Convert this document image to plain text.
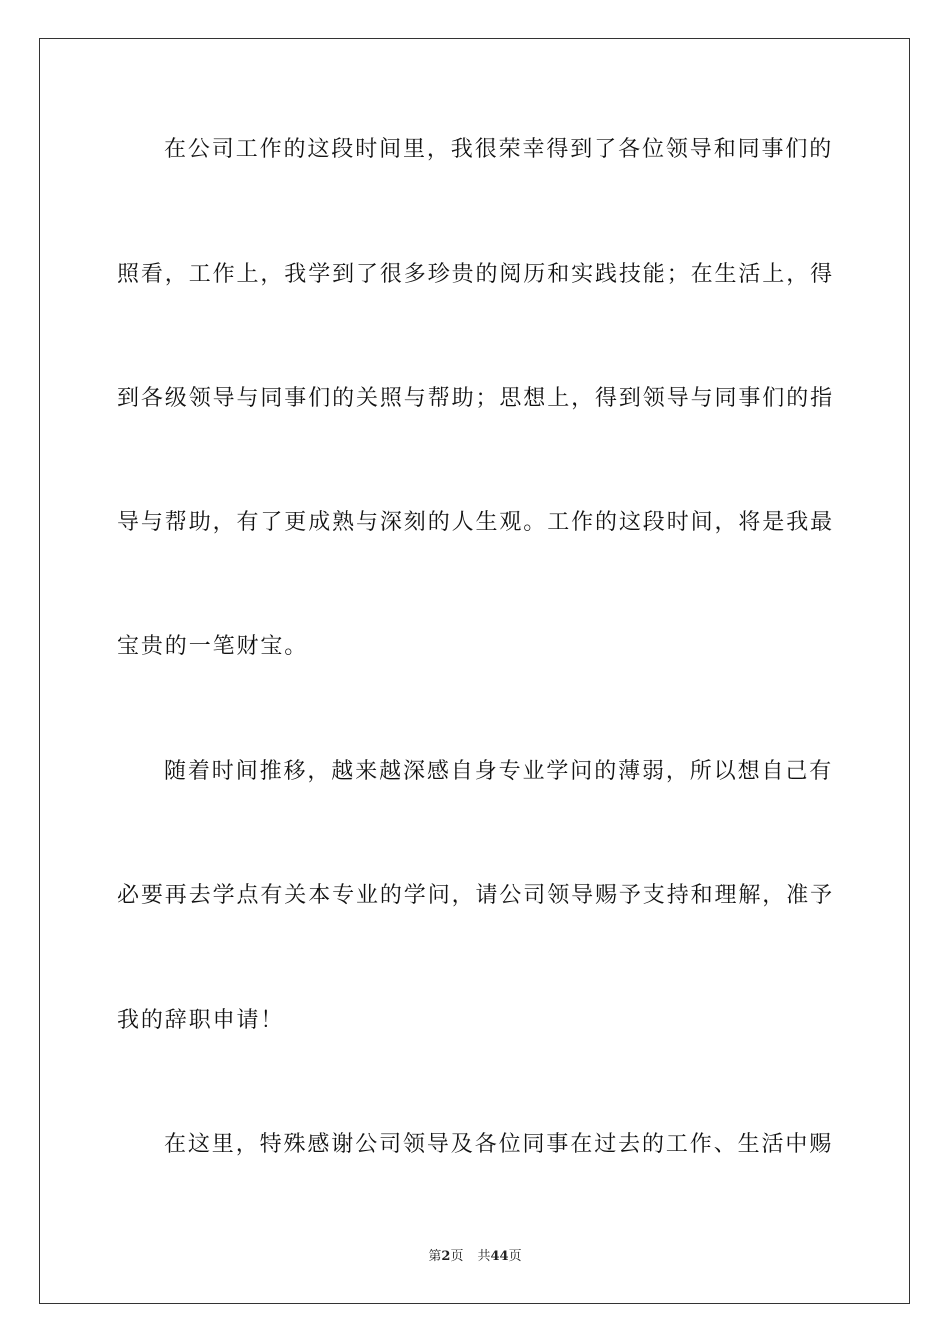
在公司工作的这段时间里，我很荣幸得到了各位领导和同事们的
照看，工作上，我学到了很多珍贵的阅历和实践技能；在生活上，得
到各级领导与同事们的关照与帮助；思想上，得到领导与同事们的指
导与帮助，有了更成熟与深刻的人生观。工作的这段时间，将是我最
宝贵的一笔财宝。
随着时间推移，越来越深感自身专业学问的薄弱，所以想自己有
必要再去学点有关本专业的学问，请公司领导赐予支持和理解，准予
我的辞职申请！
在这里，特殊感谢公司领导及各位同事在过去的工作、生活中赐
第2页 共44页
